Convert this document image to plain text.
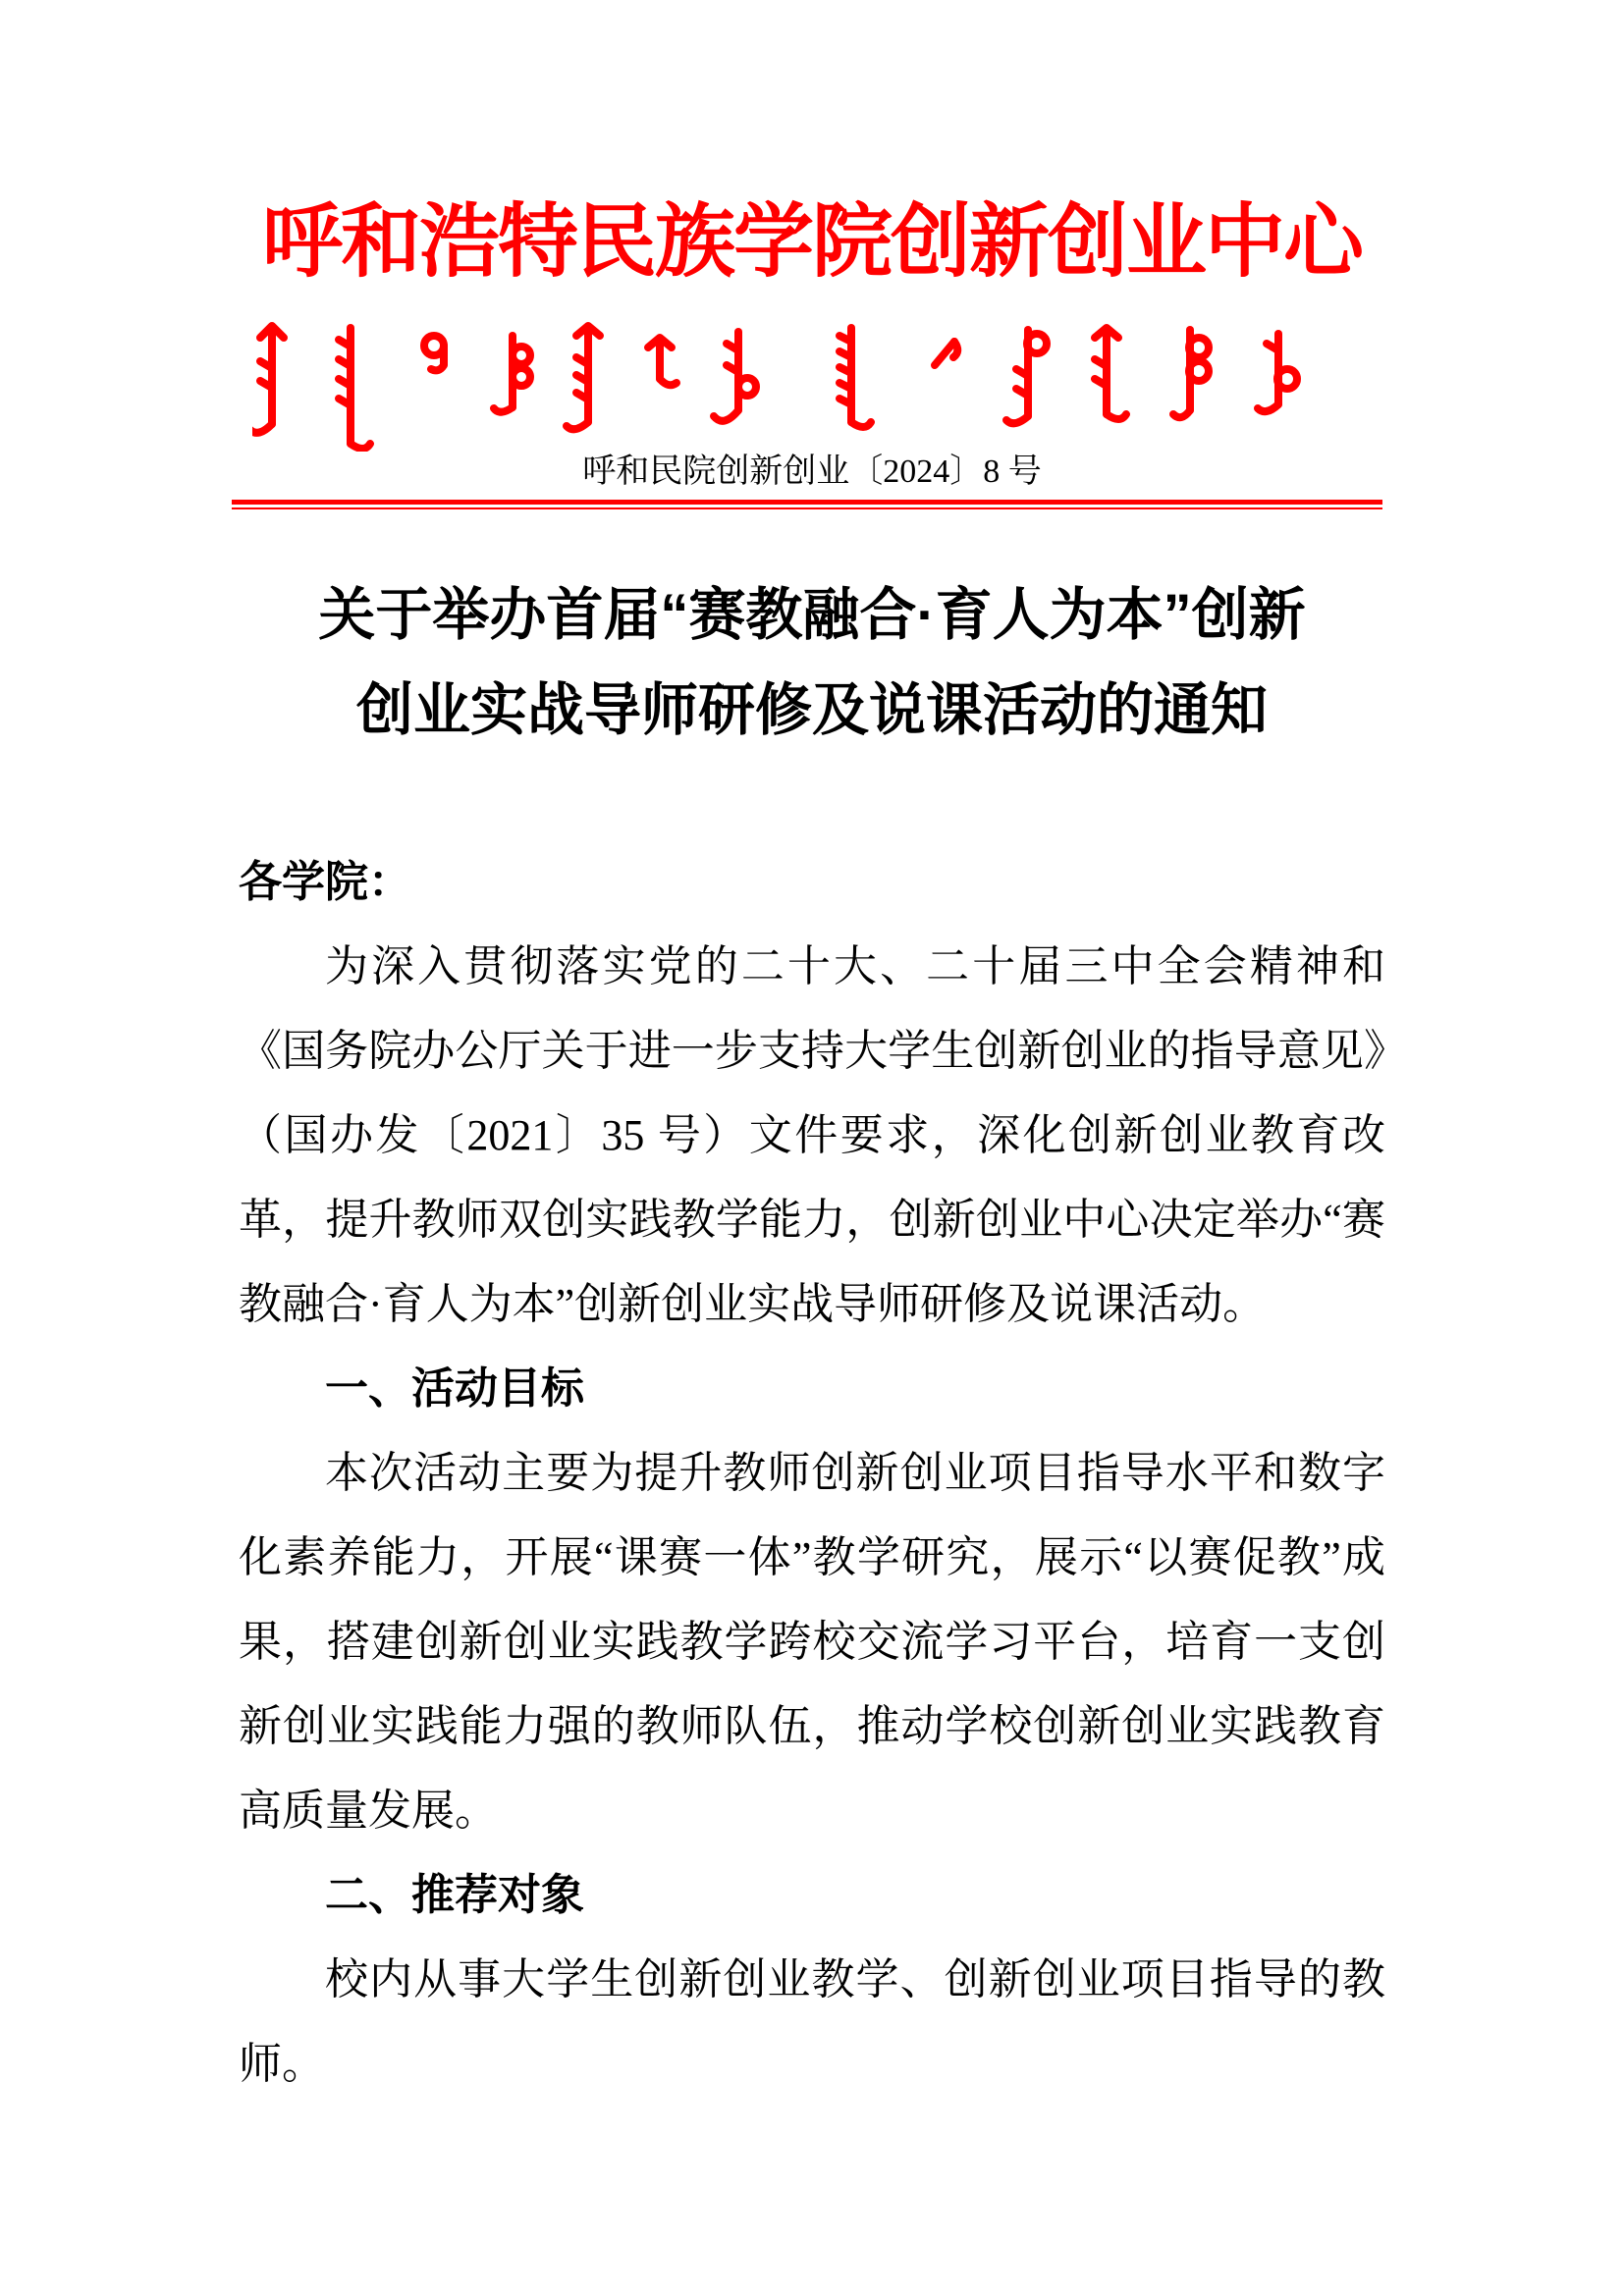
呼和浩特民族学院创新创业中心
呼和民院创新创业〔2024〕8 号
关于举办首届“赛教融合·育人为本”创新
创业实战导师研修及说课活动的通知

各学院：

为深入贯彻落实党的二十大、二十届三中全会精神和《国务院办公厅关于进一步支持大学生创新创业的指导意见》（国办发〔2021〕35 号）文件要求，深化创新创业教育改革，提升教师双创实践教学能力，创新创业中心决定举办“赛教融合·育人为本”创新创业实战导师研修及说课活动。

一、活动目标

本次活动主要为提升教师创新创业项目指导水平和数字化素养能力，开展“课赛一体”教学研究，展示“以赛促教”成果，搭建创新创业实践教学跨校交流学习平台，培育一支创新创业实践能力强的教师队伍，推动学校创新创业实践教育高质量发展。

二、推荐对象

校内从事大学生创新创业教学、创新创业项目指导的教师。
